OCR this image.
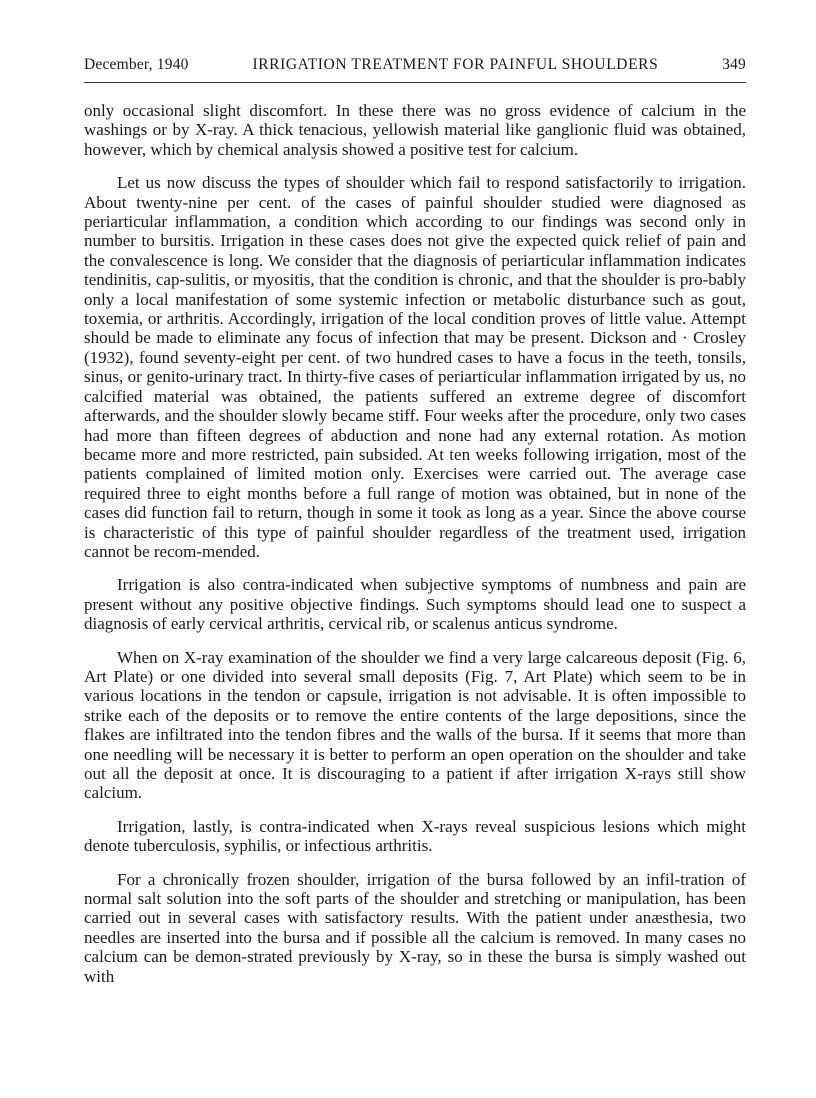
December, 1940	IRRIGATION TREATMENT FOR PAINFUL SHOULDERS	349

only occasional slight discomfort. In these there was no gross evidence of calcium in the washings or by X-ray. A thick tenacious, yellowish material like ganglionic fluid was obtained, however, which by chemical analysis showed a positive test for calcium.

Let us now discuss the types of shoulder which fail to respond satisfactorily to irrigation. About twenty-nine per cent. of the cases of painful shoulder studied were diagnosed as periarticular inflammation, a condition which according to our findings was second only in number to bursitis. Irrigation in these cases does not give the expected quick relief of pain and the convalescence is long. We consider that the diagnosis of periarticular inflammation indicates tendinitis, cap-sulitis, or myositis, that the condition is chronic, and that the shoulder is pro-bably only a local manifestation of some systemic infection or metabolic disturbance such as gout, toxemia, or arthritis. Accordingly, irrigation of the local condition proves of little value. Attempt should be made to eliminate any focus of infection that may be present. Dickson and · Crosley (1932), found seventy-eight per cent. of two hundred cases to have a focus in the teeth, tonsils, sinus, or genito-urinary tract. In thirty-five cases of periarticular inflammation irrigated by us, no calcified material was obtained, the patients suffered an extreme degree of discomfort afterwards, and the shoulder slowly became stiff. Four weeks after the procedure, only two cases had more than fifteen degrees of abduction and none had any external rotation. As motion became more and more restricted, pain subsided. At ten weeks following irrigation, most of the patients complained of limited motion only. Exercises were carried out. The average case required three to eight months before a full range of motion was obtained, but in none of the cases did function fail to return, though in some it took as long as a year. Since the above course is characteristic of this type of painful shoulder regardless of the treatment used, irrigation cannot be recom-mended.

Irrigation is also contra-indicated when subjective symptoms of numbness and pain are present without any positive objective findings. Such symptoms should lead one to suspect a diagnosis of early cervical arthritis, cervical rib, or scalenus anticus syndrome.

When on X-ray examination of the shoulder we find a very large calcareous deposit (Fig. 6, Art Plate) or one divided into several small deposits (Fig. 7, Art Plate) which seem to be in various locations in the tendon or capsule, irrigation is not advisable. It is often impossible to strike each of the deposits or to remove the entire contents of the large depositions, since the flakes are infiltrated into the tendon fibres and the walls of the bursa. If it seems that more than one needling will be necessary it is better to perform an open operation on the shoulder and take out all the deposit at once. It is discouraging to a patient if after irrigation X-rays still show calcium.

Irrigation, lastly, is contra-indicated when X-rays reveal suspicious lesions which might denote tuberculosis, syphilis, or infectious arthritis.

For a chronically frozen shoulder, irrigation of the bursa followed by an infil-tration of normal salt solution into the soft parts of the shoulder and stretching or manipulation, has been carried out in several cases with satisfactory results. With the patient under anæsthesia, two needles are inserted into the bursa and if possible all the calcium is removed. In many cases no calcium can be demon-strated previously by X-ray, so in these the bursa is simply washed out with
